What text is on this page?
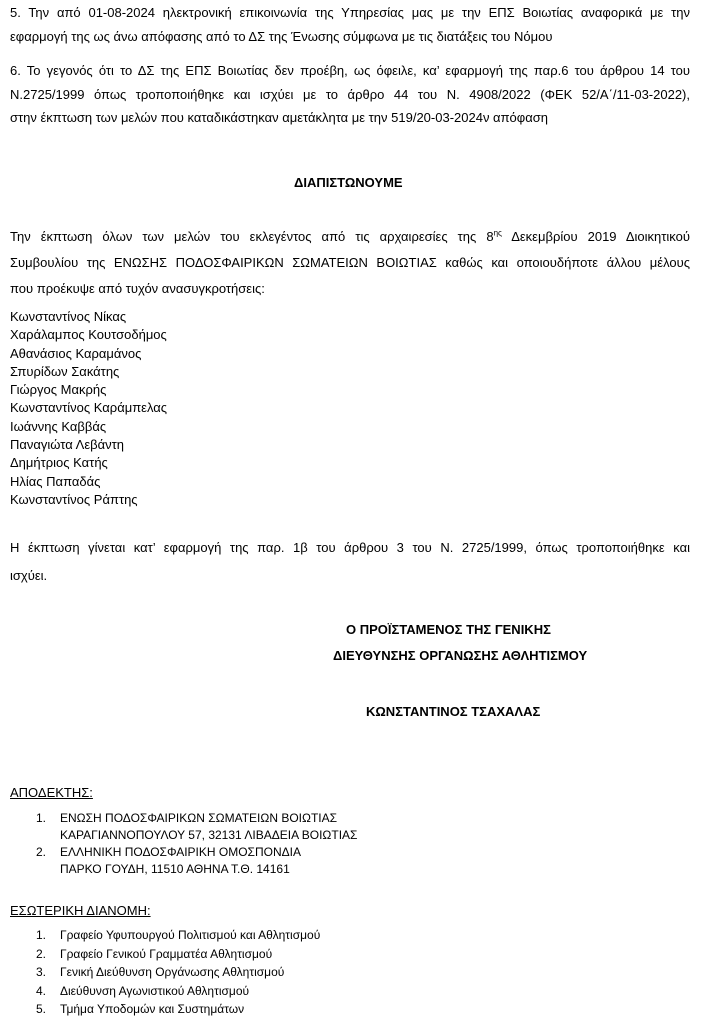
5. Την από 01-08-2024 ηλεκτρονική επικοινωνία της Υπηρεσίας μας με την ΕΠΣ Βοιωτίας αναφορικά με την
εφαρμογή της ως άνω απόφασης από το ΔΣ της Ένωσης σύμφωνα με τις διατάξεις του Νόμου
6. Το γεγονός ότι το ΔΣ της ΕΠΣ Βοιωτίας δεν προέβη, ως όφειλε, κα’ εφαρμογή της παρ.6 του άρθρου 14 του
Ν.2725/1999 όπως τροποποιήθηκε και ισχύει με το άρθρο 44 του Ν. 4908/2022 (ΦΕΚ 52/Α΄/11-03-2022),
στην έκπτωση των μελών που καταδικάστηκαν αμετάκλητα με την 519/20-03-2024ν απόφαση
ΔΙΑΠΙΣΤΩΝΟΥΜΕ
Την έκπτωση όλων των μελών του εκλεγέντος από τις αρχαιρεσίες της $8^{\eta\varsigma}$ Δεκεμβρίου 2019 Διοικητικού
Συμβουλίου της ΕΝΩΣΗΣ ΠΟΔΟΣΦΑΙΡΙΚΩΝ ΣΩΜΑΤΕΙΩΝ ΒΟΙΩΤΙΑΣ καθώς και οποιουδήποτε άλλου μέλους
που προέκυψε από τυχόν ανασυγκροτήσεις:
Κωνσταντίνος Νίκας
Χαράλαμπος Κουτσοδήμος
Αθανάσιος Καραμάνος
Σπυρίδων Σακάτης
Γιώργος Μακρής
Κωνσταντίνος Καράμπελας
Ιωάννης Καββάς
Παναγιώτα Λεβάντη
Δημήτριος Κατής
Ηλίας Παπαδάς
Κωνσταντίνος Ράπτης
Η έκπτωση γίνεται κατ’ εφαρμογή της παρ. 1β του άρθρου 3 του Ν. 2725/1999, όπως τροποποιήθηκε και
ισχύει.
Ο ΠΡΟΪΣΤΑΜΕΝΟΣ ΤΗΣ ΓΕΝΙΚΗΣ
ΔΙΕΥΘΥΝΣΗΣ ΟΡΓΑΝΩΣΗΣ ΑΘΛΗΤΙΣΜΟΥ
ΚΩΝΣΤΑΝΤΙΝΟΣ ΤΣΑΧΑΛΑΣ
ΑΠΟΔΕΚΤΗΣ:
1.	ΕΝΩΣΗ ΠΟΔΟΣΦΑΙΡΙΚΩΝ ΣΩΜΑΤΕΙΩΝ ΒΟΙΩΤΙΑΣ
ΚΑΡΑΓΙΑΝΝΟΠΟΥΛΟΥ 57, 32131 ΛΙΒΑΔΕΙΑ ΒΟΙΩΤΙΑΣ
2.	ΕΛΛΗΝΙΚΗ ΠΟΔΟΣΦΑΙΡΙΚΗ ΟΜΟΣΠΟΝΔΙΑ
ΠΑΡΚΟ ΓΟΥΔΗ, 11510 ΑΘΗΝΑ Τ.Θ. 14161
ΕΣΩΤΕΡΙΚΗ ΔΙΑΝΟΜΗ:
1.	Γραφείο Υφυπουργού Πολιτισμού και Αθλητισμού
2.	Γραφείο Γενικού Γραμματέα Αθλητισμού
3.	Γενική Διεύθυνση Οργάνωσης Αθλητισμού
4.	Διεύθυνση Αγωνιστικού Αθλητισμού
5.	Τμήμα Υποδομών και Συστημάτων
